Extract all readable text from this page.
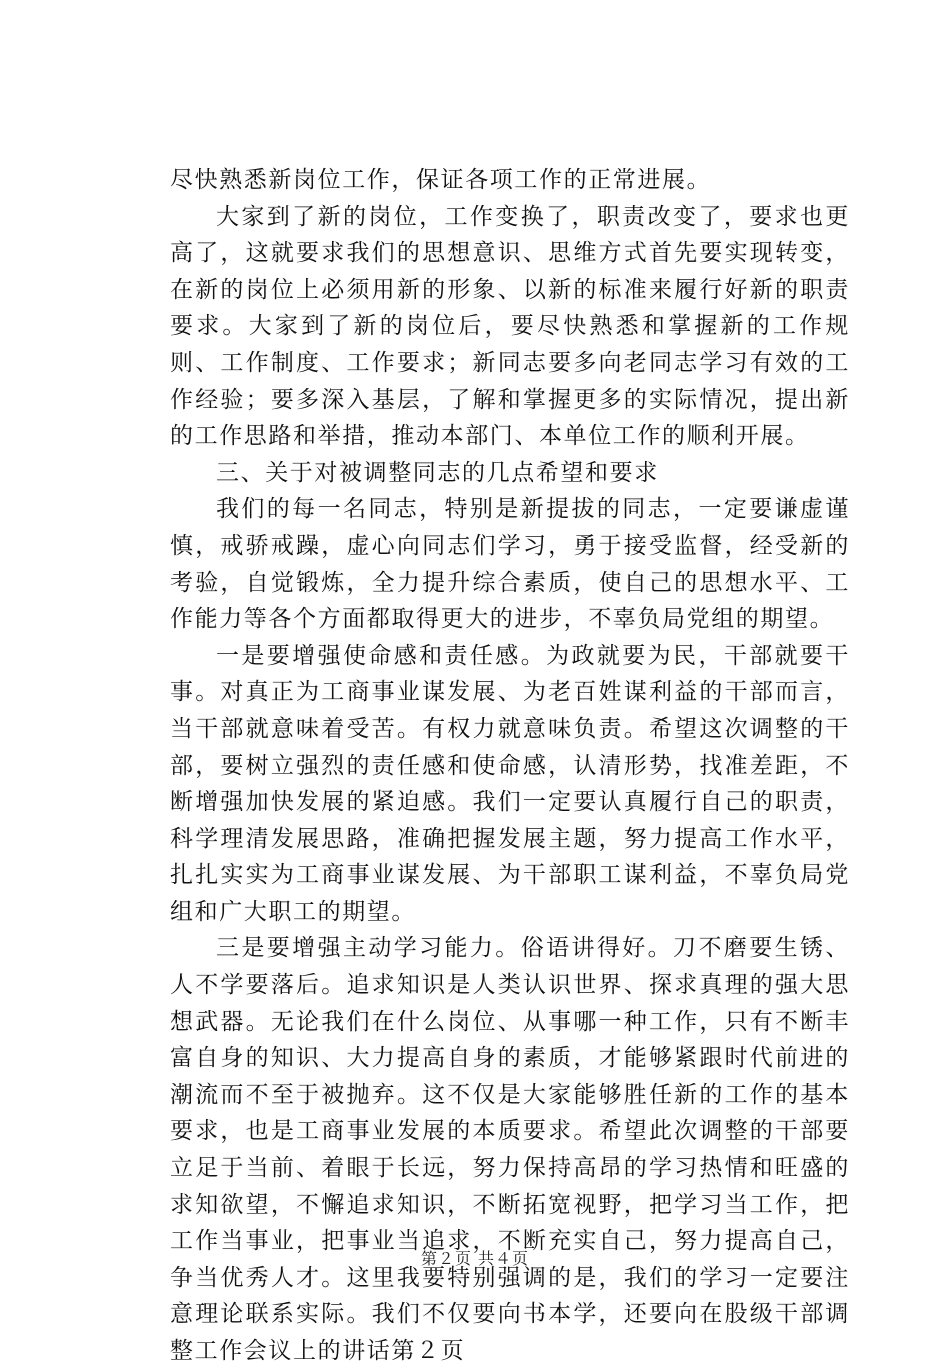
尽快熟悉新岗位工作，保证各项工作的正常进展。

大家到了新的岗位，工作变换了，职责改变了，要求也更高了，这就要求我们的思想意识、思维方式首先要实现转变，在新的岗位上必须用新的形象、以新的标准来履行好新的职责要求。大家到了新的岗位后，要尽快熟悉和掌握新的工作规则、工作制度、工作要求；新同志要多向老同志学习有效的工作经验；要多深入基层，了解和掌握更多的实际情况，提出新的工作思路和举措，推动本部门、本单位工作的顺利开展。

三、关于对被调整同志的几点希望和要求

我们的每一名同志，特别是新提拔的同志，一定要谦虚谨慎，戒骄戒躁，虚心向同志们学习，勇于接受监督，经受新的考验，自觉锻炼，全力提升综合素质，使自己的思想水平、工作能力等各个方面都取得更大的进步，不辜负局党组的期望。

一是要增强使命感和责任感。为政就要为民，干部就要干事。对真正为工商事业谋发展、为老百姓谋利益的干部而言，当干部就意味着受苦。有权力就意味负责。希望这次调整的干部，要树立强烈的责任感和使命感，认清形势，找准差距，不断增强加快发展的紧迫感。我们一定要认真履行自己的职责，科学理清发展思路，准确把握发展主题，努力提高工作水平，扎扎实实为工商事业谋发展、为干部职工谋利益，不辜负局党组和广大职工的期望。

三是要增强主动学习能力。俗语讲得好。刀不磨要生锈、人不学要落后。追求知识是人类认识世界、探求真理的强大思想武器。无论我们在什么岗位、从事哪一种工作，只有不断丰富自身的知识、大力提高自身的素质，才能够紧跟时代前进的潮流而不至于被抛弃。这不仅是大家能够胜任新的工作的基本要求，也是工商事业发展的本质要求。希望此次调整的干部要立足于当前、着眼于长远，努力保持高昂的学习热情和旺盛的求知欲望，不懈追求知识，不断拓宽视野，把学习当工作，把工作当事业，把事业当追求，不断充实自己，努力提高自己，争当优秀人才。这里我要特别强调的是，我们的学习一定要注意理论联系实际。我们不仅要向书本学，还要向在股级干部调整工作会议上的讲话第２页

第２页 共４页
